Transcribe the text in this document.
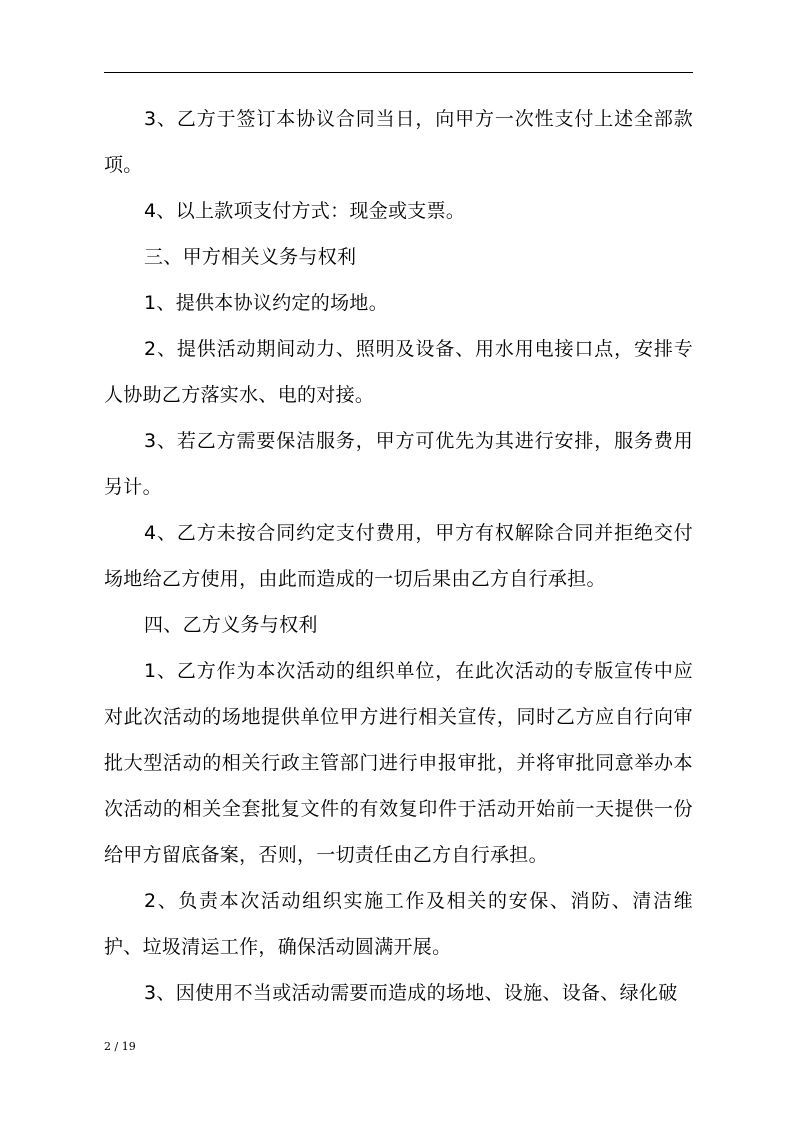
3、乙方于签订本协议合同当日，向甲方一次性支付上述全部款项。

4、以上款项支付方式：现金或支票。

三、甲方相关义务与权利

1、提供本协议约定的场地。

2、提供活动期间动力、照明及设备、用水用电接口点，安排专人协助乙方落实水、电的对接。

3、若乙方需要保洁服务，甲方可优先为其进行安排，服务费用另计。

4、乙方未按合同约定支付费用，甲方有权解除合同并拒绝交付场地给乙方使用，由此而造成的一切后果由乙方自行承担。

四、乙方义务与权利

1、乙方作为本次活动的组织单位，在此次活动的专版宣传中应对此次活动的场地提供单位甲方进行相关宣传，同时乙方应自行向审批大型活动的相关行政主管部门进行申报审批，并将审批同意举办本次活动的相关全套批复文件的有效复印件于活动开始前一天提供一份给甲方留底备案，否则，一切责任由乙方自行承担。

2、负责本次活动组织实施工作及相关的安保、消防、清洁维护、垃圾清运工作，确保活动圆满开展。

3、因使用不当或活动需要而造成的场地、设施、设备、绿化破

2 / 19
